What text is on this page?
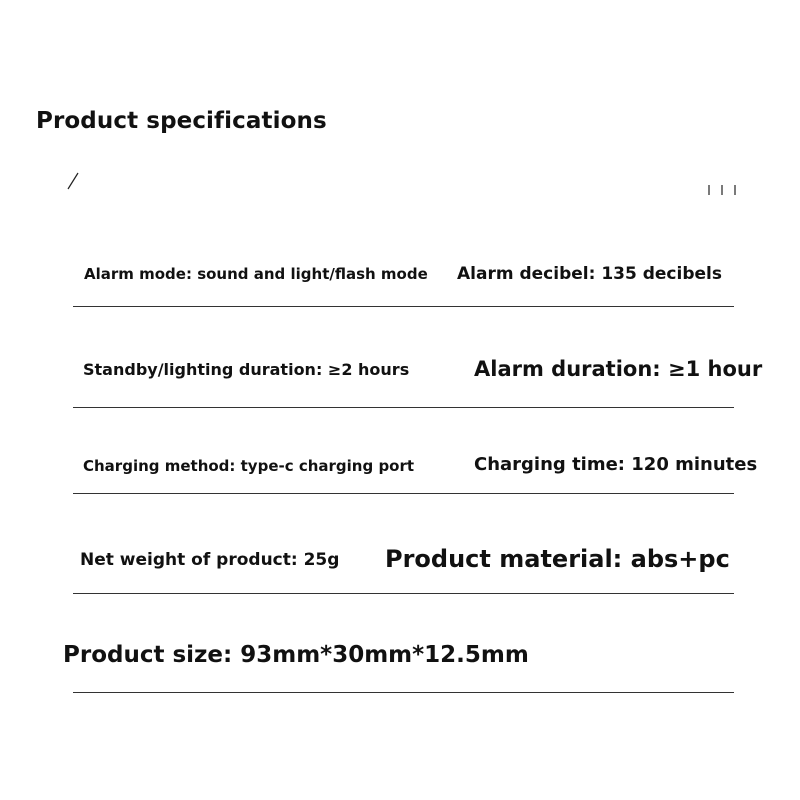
Product specifications
Alarm mode: sound and light/flash mode Alarm decibel: 135 decibels
Standby/lighting duration: ≥2 hours	Alarm duration: ≥1 hour
Charging method: type-c charging port	Charging time: 120 minutes
Net weight of product: 25g Product material: abs+pc
Product size: 93mm*30mm*12.5mm
